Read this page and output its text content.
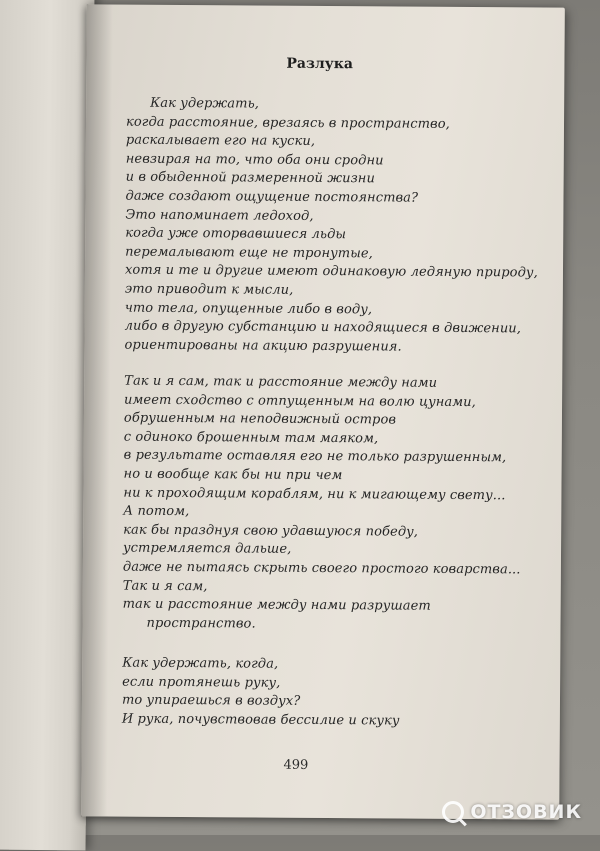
Разлука
Как удержать,
когда расстояние, врезаясь в пространство,
раскалывает его на куски,
невзирая на то, что оба они сродни
и в обыденной размеренной жизни
даже создают ощущение постоянства?
Это напоминает ледоход,
когда уже оторвавшиеся льды
перемалывают еще не тронутые,
хотя и те и другие имеют одинаковую ледяную природу,
это приводит к мысли,
что тела, опущенные либо в воду,
либо в другую субстанцию и находящиеся в движении,
ориентированы на акцию разрушения.
Так и я сам, так и расстояние между нами
имеет сходство с отпущенным на волю цунами,
обрушенным на неподвижный остров
с одиноко брошенным там маяком,
в результате оставляя его не только разрушенным,
но и вообще как бы ни при чем
ни к проходящим кораблям, ни к мигающему свету...
А потом,
как бы празднуя свою удавшуюся победу,
устремляется дальше,
даже не пытаясь скрыть своего простого коварства...
Так и я сам,
так и расстояние между нами разрушает
пространство.
Как удержать, когда,
если протянешь руку,
то упираешься в воздух?
И рука, почувствовав бессилие и скуку
499
ОТЗОВИК
